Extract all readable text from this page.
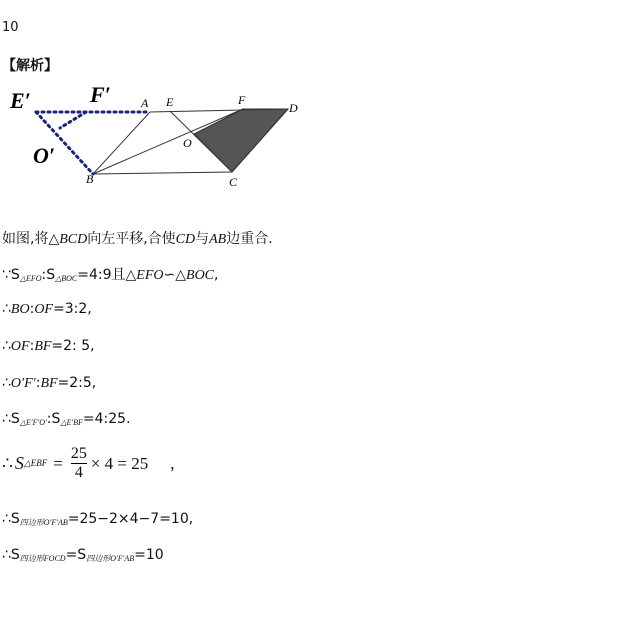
10
【解析】
E′	F′
O′
A E	F
D
O
B	C
如图,将△BCD向左平移,合使CD与AB边重合.
$\because S_{\triangle EFO}:S_{\triangle BOC}=4:9$且△EFO∽△BOC,
∴BO:OF=3:2,
∴OF:BF=2: 5,
∴O′F′:BF=2:5,
$\therefore S_{\triangle E'F'O'}:S_{\triangle E'BF}=4:25$.
∴ S △EBF = $\frac{25}{4} \times 4 = 25$ ,
$\therefore S_{四边形O'F'AB}=25-2\times 4-7=10$,
$\therefore S_{四边形FOCD}=S_{四边形O'F'AB}=10$
